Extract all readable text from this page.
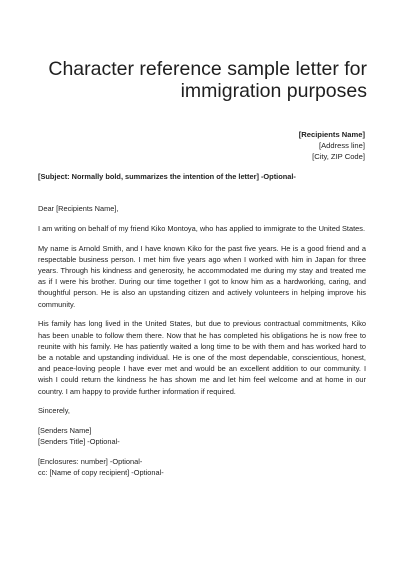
Character reference sample letter for
immigration purposes
[Recipients Name]
[Address line]
[City, ZIP Code]
[Subject: Normally bold, summarizes the intention of the letter] -Optional-

Dear [Recipients Name],

I am writing on behalf of my friend Kiko Montoya, who has applied to immigrate to the United States.

My name is Arnold Smith, and I have known Kiko for the past five years. He is a good friend and a respectable business person. I met him five years ago when I worked with him in Japan for three years. Through his kindness and generosity, he accommodated me during my stay and treated me as if I were his brother. During our time together I got to know him as a hardworking, caring, and thoughtful person. He is also an upstanding citizen and actively volunteers in helping improve his community.

His family has long lived in the United States, but due to previous contractual commitments, Kiko has been unable to follow them there. Now that he has completed his obligations he is now free to reunite with his family. He has patiently waited a long time to be with them and has worked hard to be a notable and upstanding individual. He is one of the most dependable, conscientious, honest, and peace-loving people I have ever met and would be an excellent addition to our community. I wish I could return the kindness he has shown me and let him feel welcome and at home in our country. I am happy to provide further information if required.

Sincerely,

[Senders Name]
[Senders Title] -Optional-

[Enclosures: number] -Optional-
cc: [Name of copy recipient] -Optional-
